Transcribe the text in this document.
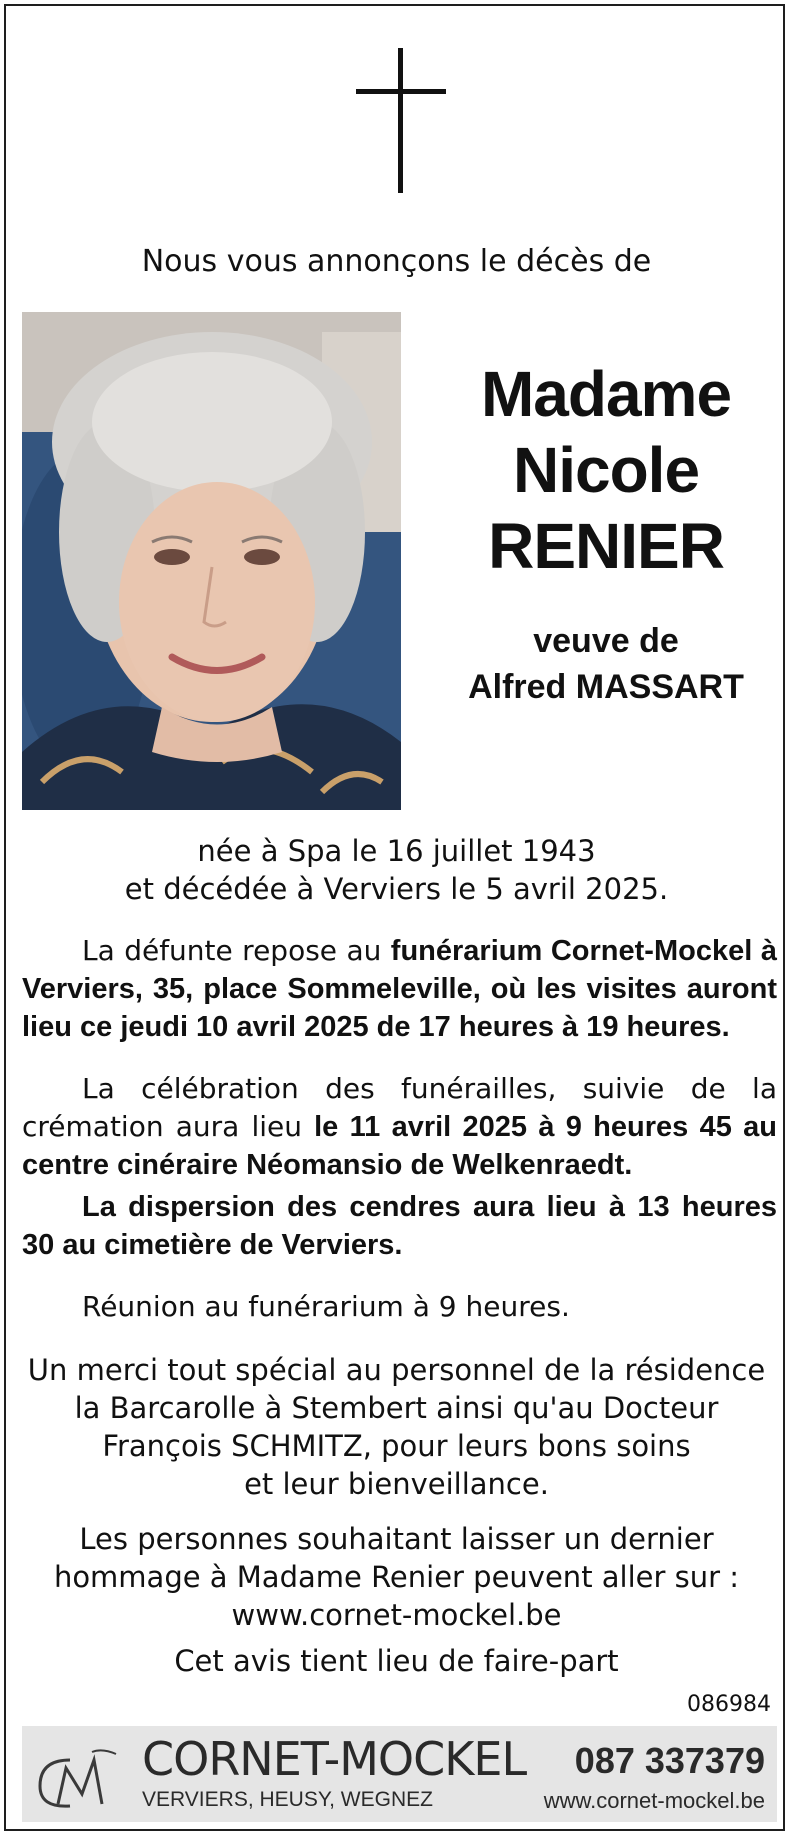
Nous vous annonçons le décès de
Madame
Nicole
RENIER
veuve de
Alfred MASSART
née à Spa le 16 juillet 1943
et décédée à Verviers le 5 avril 2025.
La défunte repose au funérarium Cornet-Mockel à Verviers, 35, place Sommeleville, où les visites auront lieu ce jeudi 10 avril 2025 de 17 heures à 19 heures.
La célébration des funérailles, suivie de la crémation aura lieu le 11 avril 2025 à 9 heures 45 au centre cinéraire Néomansio de Welkenraedt.
La dispersion des cendres aura lieu à 13 heures 30 au cimetière de Verviers.
Réunion au funérarium à 9 heures.
Un merci tout spécial au personnel de la résidence
la Barcarolle à Stembert ainsi qu'au Docteur
François SCHMITZ, pour leurs bons soins
et leur bienveillance.
Les personnes souhaitant laisser un dernier
hommage à Madame Renier peuvent aller sur :
www.cornet-mockel.be
Cet avis tient lieu de faire-part
086984
CORNET-MOCKEL
VERVIERS, HEUSY, WEGNEZ
087 337379
www.cornet-mockel.be
